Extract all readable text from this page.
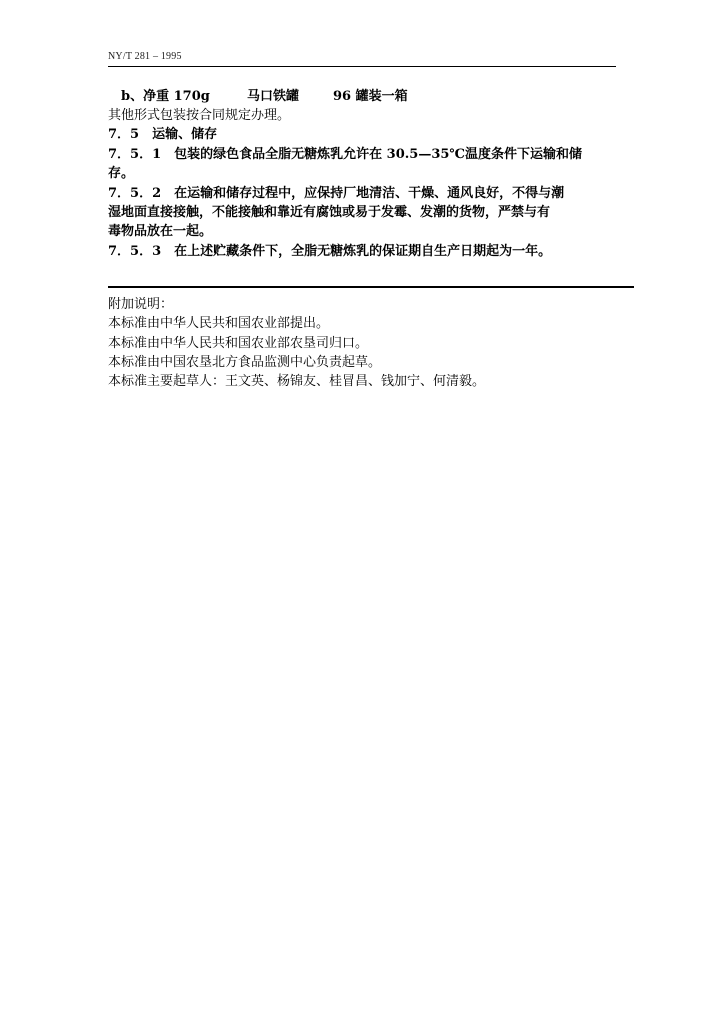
NY/T 281 – 1995
b、净重 170g	马口铁罐	96 罐装一箱
其他形式包装按合同规定办理。
7．5　运输、储存
7．5．1　包装的绿色食品全脂无糖炼乳允许在 30.5—35℃温度条件下运输和储
存。
7．5．2　在运输和储存过程中，应保持厂地清洁、干燥、通风良好，不得与潮
湿地面直接接触，不能接触和靠近有腐蚀或易于发霉、发潮的货物，严禁与有
毒物品放在一起。
7．5．3　在上述贮藏条件下，全脂无糖炼乳的保证期自生产日期起为一年。
附加说明：
本标准由中华人民共和国农业部提出。
本标准由中华人民共和国农业部农垦司归口。
本标准由中国农垦北方食品监测中心负责起草。
本标准主要起草人：王文英、杨锦友、桂冒昌、钱加宁、何清毅。
